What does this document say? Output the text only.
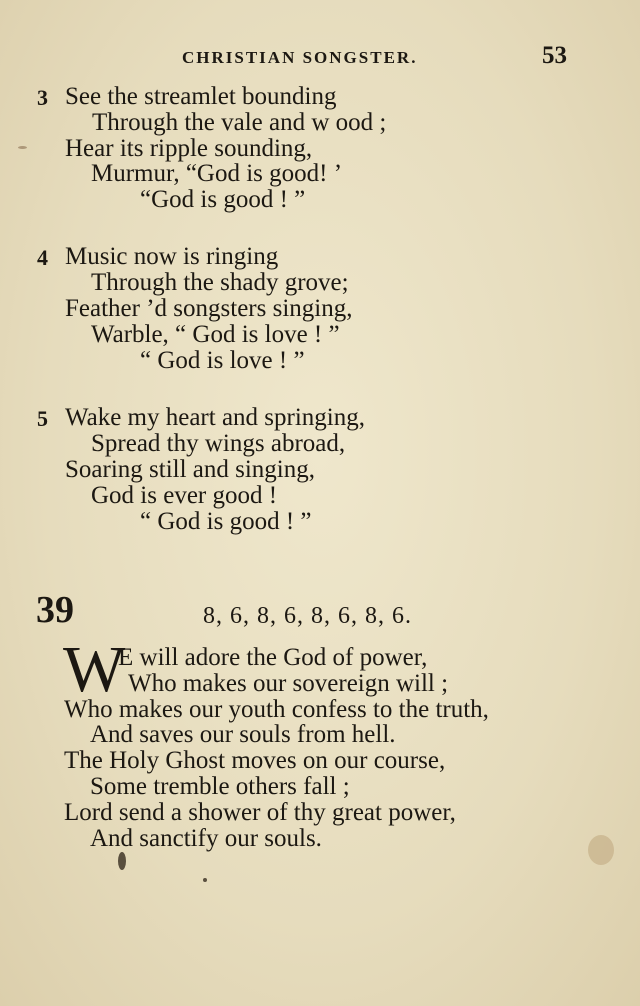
CHRISTIAN SONGSTER.	53
3 See the streamlet bounding
Through the vale and w ood ;
Hear its ripple sounding,
Murmur, “God is good! ’
“God is good ! ”
4 Music now is ringing
Through the shady grove;
Feather ’d songsters singing,
Warble, “ God is love ! ”
“ God is love ! ”
5 Wake my heart and springing,
Spread thy wings abroad,
Soaring still and singing,
God is ever good !
“ God is good ! ”
39	8, 6, 8, 6, 8, 6, 8, 6.
W
E will adore the God of power,
Who makes our sovereign will ;
Who makes our youth confess to the truth,
And saves our souls from hell.
The Holy Ghost moves on our course,
Some tremble others fall ;
Lord send a shower of thy great power,
And sanctify our souls.
